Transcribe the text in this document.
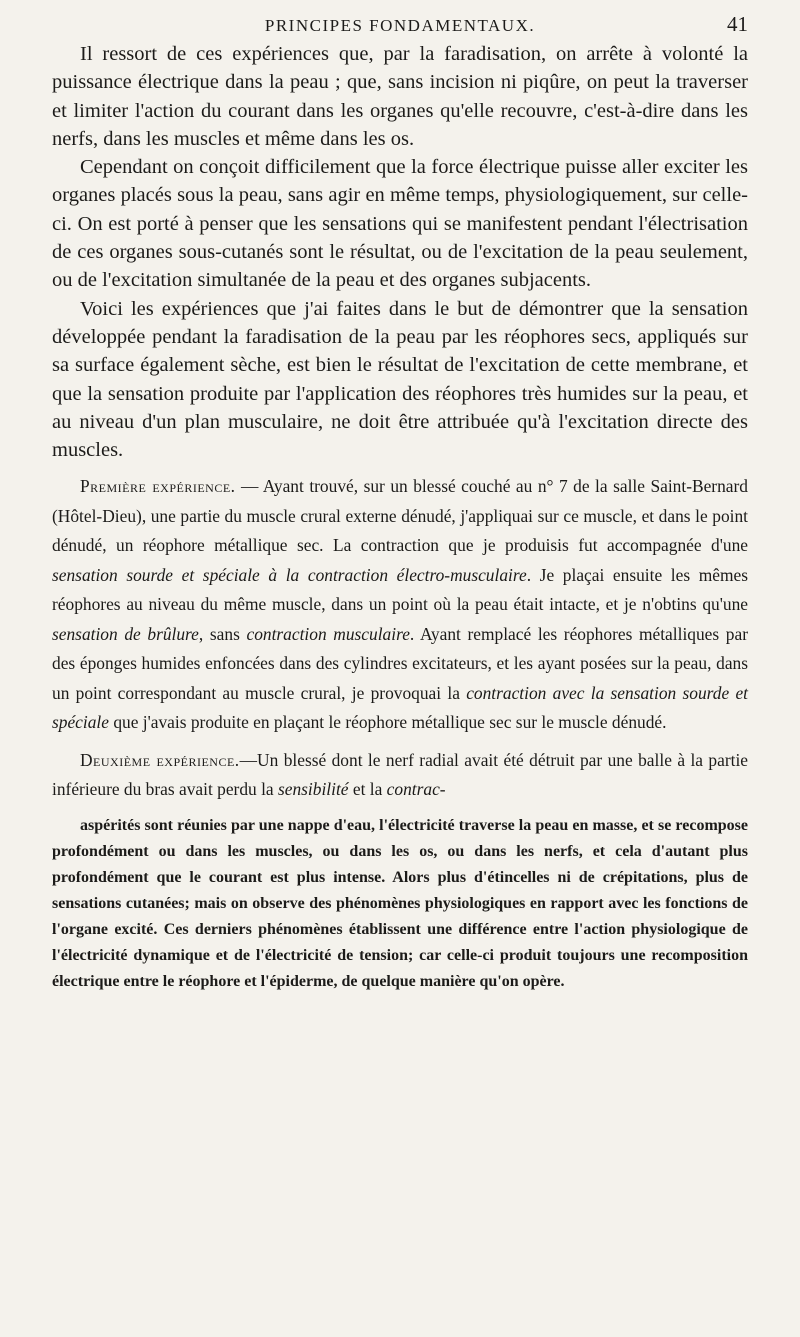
PRINCIPES FONDAMENTAUX.	41

Il ressort de ces expériences que, par la faradisation, on arrête à volonté la puissance électrique dans la peau ; que, sans incision ni piqûre, on peut la traverser et limiter l'action du courant dans les organes qu'elle recouvre, c'est-à-dire dans les nerfs, dans les muscles et même dans les os.

Cependant on conçoit difficilement que la force électrique puisse aller exciter les organes placés sous la peau, sans agir en même temps, physiologiquement, sur celle-ci. On est porté à penser que les sensations qui se manifestent pendant l'électrisation de ces organes sous-cutanés sont le résultat, ou de l'excitation de la peau seulement, ou de l'excitation simultanée de la peau et des organes subjacents.

Voici les expériences que j'ai faites dans le but de démontrer que la sensation développée pendant la faradisation de la peau par les réophores secs, appliqués sur sa surface également sèche, est bien le résultat de l'excitation de cette membrane, et que la sensation produite par l'application des réophores très humides sur la peau, et au niveau d'un plan musculaire, ne doit être attribuée qu'à l'excitation directe des muscles.

Première expérience. — Ayant trouvé, sur un blessé couché au n° 7 de la salle Saint-Bernard (Hôtel-Dieu), une partie du muscle crural externe dénudé, j'appliquai sur ce muscle, et dans le point dénudé, un réophore métallique sec. La contraction que je produisis fut accompagnée d'une sensation sourde et spéciale à la contraction électro-musculaire. Je plaçai ensuite les mêmes réophores au niveau du même muscle, dans un point où la peau était intacte, et je n'obtins qu'une sensation de brûlure, sans contraction musculaire. Ayant remplacé les réophores métalliques par des éponges humides enfoncées dans des cylindres excitateurs, et les ayant posées sur la peau, dans un point correspondant au muscle crural, je provoquai la contraction avec la sensation sourde et spéciale que j'avais produite en plaçant le réophore métallique sec sur le muscle dénudé.

Deuxième expérience.—Un blessé dont le nerf radial avait été détruit par une balle à la partie inférieure du bras avait perdu la sensibilité et la contrac-

aspérités sont réunies par une nappe d'eau, l'électricité traverse la peau en masse, et se recompose profondément ou dans les muscles, ou dans les os, ou dans les nerfs, et cela d'autant plus profondément que le courant est plus intense. Alors plus d'étincelles ni de crépitations, plus de sensations cutanées; mais on observe des phénomènes physiologiques en rapport avec les fonctions de l'organe excité. Ces derniers phénomènes établissent une différence entre l'action physiologique de l'électricité dynamique et de l'électricité de tension; car celle-ci produit toujours une recomposition électrique entre le réophore et l'épiderme, de quelque manière qu'on opère.
